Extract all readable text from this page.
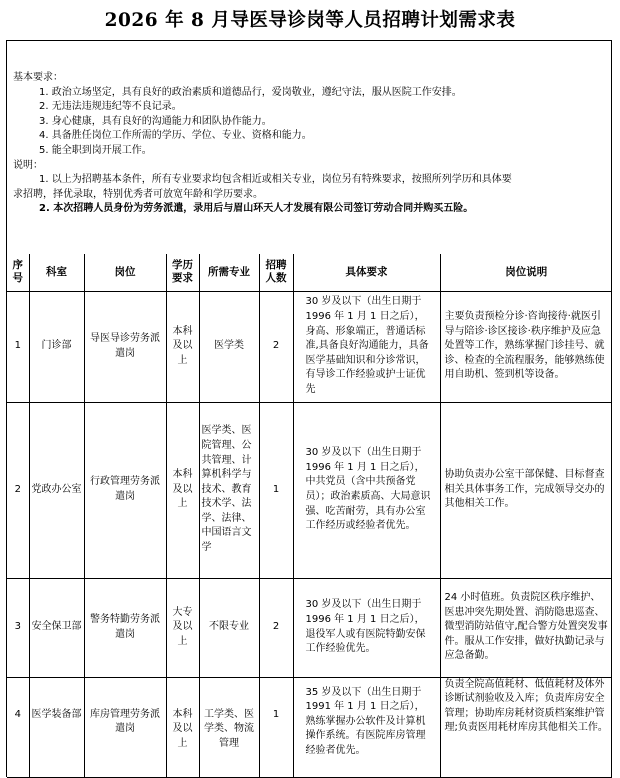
2026 年 8 月导医导诊岗等人员招聘计划需求表

基本要求：

1. 政治立场坚定，具有良好的政治素质和道德品行，爱岗敬业，遵纪守法，服从医院工作安排。

2. 无违法违规违纪等不良记录。

3. 身心健康，具有良好的沟通能力和团队协作能力。

4. 具备胜任岗位工作所需的学历、学位、专业、资格和能力。

5. 能全职到岗开展工作。

说明：

1. 以上为招聘基本条件，所有专业要求均包含相近或相关专业，岗位另有特殊要求，按照所列学历和具体要

求招聘，择优录取，特别优秀者可放宽年龄和学历要求。

2. 本次招聘人员身份为劳务派遣，录用后与眉山环天人才发展有限公司签订劳动合同并购买五险。

序号	科室	岗位	学历要求	所需专业	招聘人数	具体要求	岗位说明
1	门诊部	导医导诊劳务派遣岗	本科及以上	医学类	2	30 岁及以下（出生日期于 1996 年 1 月 1 日之后），身高、形象端正，普通话标准,具备良好沟通能力，具备医学基础知识和分诊常识，有导诊工作经验或护士证优先	主要负责预检分诊·咨询接待·就医引导与陪诊·诊区接诊·秩序维护及应急处置等工作，熟练掌握门诊挂号、就诊、检查的全流程服务，能够熟练使用自助机、签到机等设备。
2	党政办公室	行政管理劳务派遣岗	本科及以上	医学类、医院管理、公共管理、计算机科学与技术、教育技术学、法学、法律、中国语言文学	1	30 岁及以下（出生日期于 1996 年 1 月 1 日之后），中共党员（含中共预备党员）；政治素质高、大局意识强、吃苦耐劳，具有办公室工作经历或经验者优先。	协助负责办公室干部保健、目标督查相关具体事务工作，完成领导交办的其他相关工作。
3	安全保卫部	警务特勤劳务派遣岗	大专及以上	不限专业	2	30 岁及以下（出生日期于 1996 年 1 月 1 日之后），退役军人或有医院特勤安保工作经验优先。	24 小时值班。负责院区秩序维护、医患冲突先期处置、消防隐患巡查、微型消防站值守,配合警方处置突发事件。服从工作安排，做好执勤记录与应急备勤。
4	医学装备部	库房管理劳务派遣岗	本科及以上	工学类、医学类、物流管理	1	35 岁及以下（出生日期于 1991 年 1 月 1 日之后），熟练掌握办公软件及计算机操作系统。有医院库房管理经验者优先。	负责全院高值耗材、低值耗材及体外诊断试剂验收及入库；负责库房安全管理；协助库房耗材资质档案维护管理;负责医用耗材库房其他相关工作。
